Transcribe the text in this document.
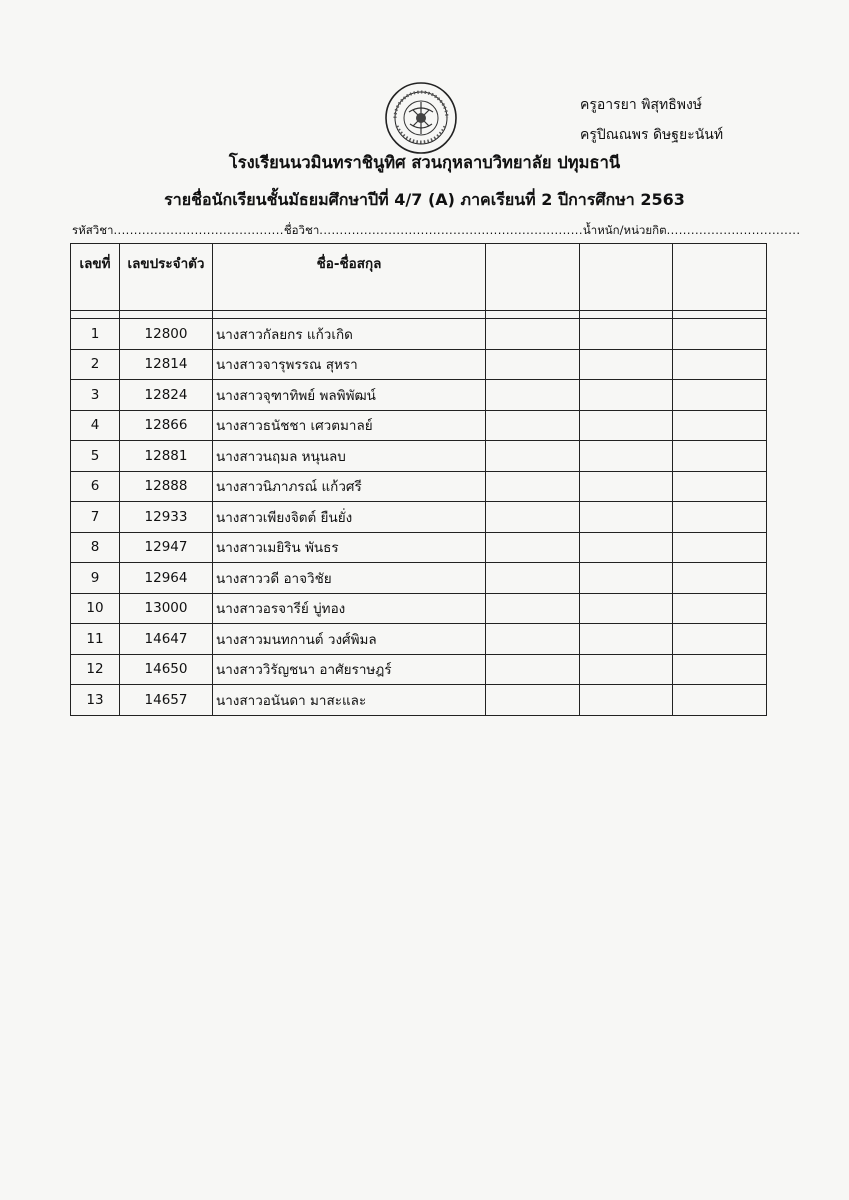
ครูอารยา พิสุทธิพงษ์
ครูปิณณพร ดิษฐยะนันท์
โรงเรียนนวมินทราชินูทิศ สวนกุหลาบวิทยาลัย ปทุมธานี
รายชื่อนักเรียนชั้นมัธยมศึกษาปีที่ 4/7 (A) ภาคเรียนที่ 2 ปีการศึกษา 2563
รหัสวิชา..........................................ชื่อวิชา.................................................................น้ำหนัก/หน่วยกิต.................................
เลขที่	เลขประจำตัว	ชื่อ-ชื่อสกุล			

1	12800	นางสาวกัลยกร แก้วเกิด			
2	12814	นางสาวจารุพรรณ สุหรา			
3	12824	นางสาวจุฑาทิพย์ พลพิพัฒน์			
4	12866	นางสาวธนัชชา เศวตมาลย์			
5	12881	นางสาวนฤมล หนุนลบ			
6	12888	นางสาวนิภาภรณ์ แก้วศรี			
7	12933	นางสาวเพียงจิตต์ ยืนยั่ง			
8	12947	นางสาวเมยิริน พันธร			
9	12964	นางสาววดี อาจวิชัย			
10	13000	นางสาวอรจารีย์ บู่ทอง			
11	14647	นางสาวมนทกานต์ วงศ์พิมล			
12	14650	นางสาววิรัญชนา อาศัยราษฎร์			
13	14657	นางสาวอนันดา มาสะและ			
